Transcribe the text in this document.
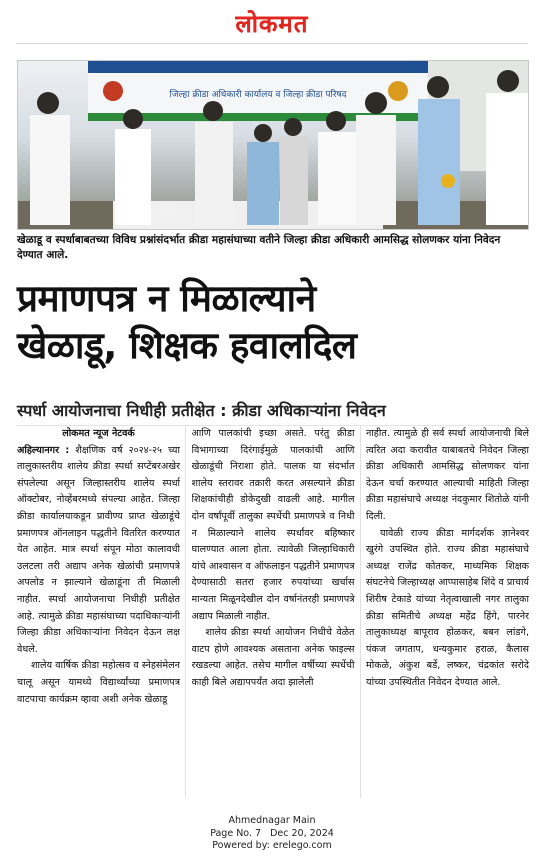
लोकमत
जिल्हा क्रीडा अधिकारी कार्यालय व जिल्हा क्रीडा परिषद
खेळाडू व स्पर्धाबाबतच्या विविध प्रश्नांसंदर्भात क्रीडा महासंघाच्या वतीने जिल्हा क्रीडा अधिकारी आमसिद्ध सोलणकर यांना निवेदन देण्यात आले.
प्रमाणपत्र न मिळाल्याने
खेळाडू, शिक्षक हवालदिल
स्पर्धा आयोजनाचा निधीही प्रतीक्षेत : क्रीडा अधिकाऱ्यांना निवेदन
लोकमत न्यूज नेटवर्क

अहिल्यानगर : शैक्षणिक वर्ष २०२४-२५ च्या तालुकास्तरीय शालेय क्रीडा स्पर्धा सप्टेंबरअखेर संपलेल्या असून जिल्हास्तरीय शालेय स्पर्धा ऑक्टोबर, नोव्हेंबरमध्ये संपल्या आहेत. जिल्हा क्रीडा कार्यालयाकडून प्रावीण्य प्राप्त खेळाडूंचे प्रमाणपत्र ऑनलाइन पद्धतीने वितरित करण्यात येत आहेत. मात्र स्पर्धा संपून मोठा कालावधी उलटला तरी अद्याप अनेक खेळांची प्रमाणपत्रे अपलोड न झाल्याने खेळाडूंना ती मिळाली नाहीत. स्पर्धा आयोजनाचा निधीही प्रतीक्षेत आहे. त्यामुळे क्रीडा महासंघाच्या पदाधिकाऱ्यांनी जिल्हा क्रीडा अधिकाऱ्यांना निवेदन देऊन लक्ष वेधले.

शालेय वार्षिक क्रीडा महोत्सव व स्नेहसंमेलन चालू असून यामध्ये विद्यार्थ्यांच्या प्रमाणपत्र वाटपाचा कार्यक्रम व्हावा अशी अनेक खेळाडू

आणि पालकांची इच्छा असते. परंतु क्रीडा विभागाच्या दिरंगाईमुळे पालकांची आणि खेळाडूंची निराशा होते. पालक या संदर्भात शालेय स्तरावर तक्रारी करत असल्याने क्रीडा शिक्षकांचीही डोकेदुखी वाढली आहे. मागील दोन वर्षांपूर्वी तालुका स्पर्धेची प्रमाणपत्रे व निधी न मिळाल्याने शालेय स्पर्धांवर बहिष्कार घालण्यात आला होता. त्यावेळी जिल्हाधिकारी यांचे आश्वासन व ऑफलाइन पद्धतीने प्रमाणपत्र देण्यासाठी सतरा हजार रुपयांच्या खर्चास मान्यता मिळूनदेखील दोन वर्षानंतरही प्रमाणपत्रे अद्याप मिळाली नाहीत.

शालेय क्रीडा स्पर्धा आयोजन निधीचे वेळेत वाटप होणे आवश्यक असताना अनेक फाइल्स रखडल्या आहेत. तसेच मागील वर्षीच्या स्पर्धेची काही बिले अद्यापपर्यंत अदा झालेली

नाहीत. त्यामुळे ही सर्व स्पर्धा आयोजनाची बिले त्वरित अदा करावीत याबाबतचे निवेदन जिल्हा क्रीडा अधिकारी आमसिद्ध सोलणकर यांना देऊन चर्चा करण्यात आल्याची माहिती जिल्हा क्रीडा महासंघाचे अध्यक्ष नंदकुमार शितोळे यांनी दिली.

यावेळी राज्य क्रीडा मार्गदर्शक ज्ञानेश्वर खुरंगे उपस्थित होते. राज्य क्रीडा महासंघाचे अध्यक्ष राजेंद्र कोतकर, माध्यमिक शिक्षक संघटनेचे जिल्हाध्यक्ष आप्पासाहेब शिंदे व प्राचार्य शिरीष टेकाडे यांच्या नेतृत्वाखाली नगर तालुका क्रीडा समितीचे अध्यक्ष महेंद्र हिंगे, पारनेर तालुकाध्यक्ष बापूराव होळकर, बबन लांडगे, पंकज जगताप, धन्यकुमार हराळ, कैलास मोकळे, अंकुश बर्डे, लष्कर, चंद्रकांत सरोदे यांच्या उपस्थितीत निवेदन देण्यात आले.

Ahmednagar Main
Page No. 7   Dec 20, 2024
Powered by: erelego.com
